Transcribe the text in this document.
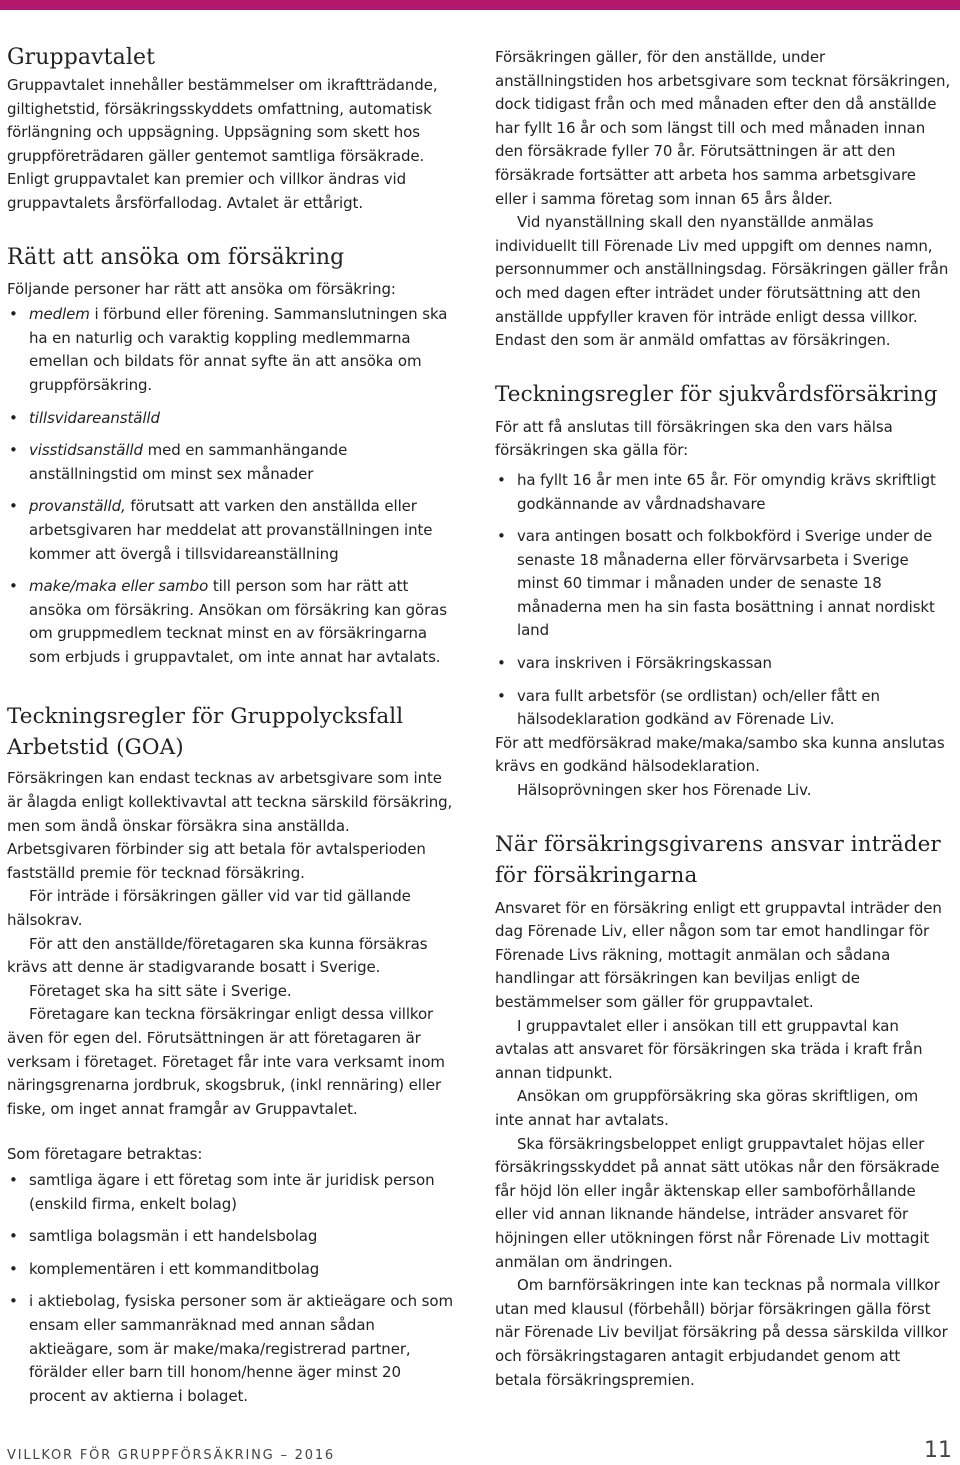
Gruppavtalet

Gruppavtalet innehåller bestämmelser om ikraftträdande, giltighetstid, försäkringsskyddets omfattning, automatisk förlängning och uppsägning. Uppsägning som skett hos gruppföreträdaren gäller gentemot samtliga försäkrade. Enligt gruppavtalet kan premier och villkor ändras vid gruppavtalets årsförfallodag. Avtalet är ettårigt.

Rätt att ansöka om försäkring

Följande personer har rätt att ansöka om försäkring:

• medlem i förbund eller förening. Sammanslutningen ska ha en naturlig och varaktig koppling medlemmarna emellan och bildats för annat syfte än att ansöka om gruppförsäkring.
• tillsvidareanställd
• visstidsanställd med en sammanhängande anställningstid om minst sex månader
• provanställd, förutsatt att varken den anställda eller arbetsgivaren har meddelat att provanställningen inte kommer att övergå i tillsvidareanställning
• make/maka eller sambo till person som har rätt att ansöka om försäkring. Ansökan om försäkring kan göras om gruppmedlem tecknat minst en av försäkringarna som erbjuds i gruppavtalet, om inte annat har avtalats.
Teckningsregler för Gruppolycksfall Arbetstid (GOA)

Försäkringen kan endast tecknas av arbetsgivare som inte är ålagda enligt kollektivavtal att teckna särskild försäkring, men som ändå önskar försäkra sina anställda. Arbetsgivaren förbinder sig att betala för avtalsperioden fastställd premie för tecknad försäkring.

För inträde i försäkringen gäller vid var tid gällande hälsokrav.

För att den anställde/företagaren ska kunna försäkras krävs att denne är stadigvarande bosatt i Sverige.

Företaget ska ha sitt säte i Sverige.

Företagare kan teckna försäkringar enligt dessa villkor även för egen del. Förutsättningen är att företagaren är verksam i företaget. Företaget får inte vara verksamt inom näringsgrenarna jordbruk, skogsbruk, (inkl rennäring) eller fiske, om inget annat framgår av Gruppavtalet.

Som företagare betraktas:

• samtliga ägare i ett företag som inte är juridisk person (enskild firma, enkelt bolag)
• samtliga bolagsmän i ett handelsbolag
• komplementären i ett kommanditbolag
• i aktiebolag, fysiska personer som är aktieägare och som ensam eller sammanräknad med annan sådan aktieägare, som är make/maka/registrerad partner, förälder eller barn till honom/henne äger minst 20 procent av aktierna i bolaget.

Försäkringen gäller, för den anställde, under anställningstiden hos arbetsgivare som tecknat försäkringen, dock tidigast från och med månaden efter den då anställde har fyllt 16 år och som längst till och med månaden innan den försäkrade fyller 70 år. Förutsättningen är att den försäkrade fortsätter att arbeta hos samma arbetsgivare eller i samma företag som innan 65 års ålder.

Vid nyanställning skall den nyanställde anmälas individuellt till Förenade Liv med uppgift om dennes namn, personnummer och anställningsdag. Försäkringen gäller från och med dagen efter inträdet under förutsättning att den anställde uppfyller kraven för inträde enligt dessa villkor. Endast den som är anmäld omfattas av försäkringen.

Teckningsregler för sjukvårdsförsäkring

För att få anslutas till försäkringen ska den vars hälsa försäkringen ska gälla för:

• ha fyllt 16 år men inte 65 år. För omyndig krävs skriftligt godkännande av vårdnadshavare
• vara antingen bosatt och folkbokförd i Sverige under de senaste 18 månaderna eller förvärvsarbeta i Sverige minst 60 timmar i månaden under de senaste 18 månaderna men ha sin fasta bosättning i annat nordiskt land
• vara inskriven i Försäkringskassan
• vara fullt arbetsför (se ordlistan) och/eller fått en hälsodeklaration godkänd av Förenade Liv.

För att medförsäkrad make/maka/sambo ska kunna anslutas krävs en godkänd hälsodeklaration.

Hälsoprövningen sker hos Förenade Liv.

När försäkringsgivarens ansvar inträder för försäkringarna

Ansvaret för en försäkring enligt ett gruppavtal inträder den dag Förenade Liv, eller någon som tar emot handlingar för Förenade Livs räkning, mottagit anmälan och sådana handlingar att försäkringen kan beviljas enligt de bestämmelser som gäller för gruppavtalet.

I gruppavtalet eller i ansökan till ett gruppavtal kan avtalas att ansvaret för försäkringen ska träda i kraft från annan tidpunkt.

Ansökan om gruppförsäkring ska göras skriftligen, om inte annat har avtalats.

Ska försäkringsbeloppet enligt gruppavtalet höjas eller försäkringsskyddet på annat sätt utökas når den försäkrade får höjd lön eller ingår äktenskap eller samboförhållande eller vid annan liknande händelse, inträder ansvaret för höjningen eller utökningen först når Förenade Liv mottagit anmälan om ändringen.

Om barnförsäkringen inte kan tecknas på normala villkor utan med klausul (förbehåll) börjar försäkringen gälla först när Förenade Liv beviljat försäkring på dessa särskilda villkor och försäkringstagaren antagit erbjudandet genom att betala försäkringspremien.

VILLKOR FÖR GRUPPFÖRSÄKRING – 2016	11
